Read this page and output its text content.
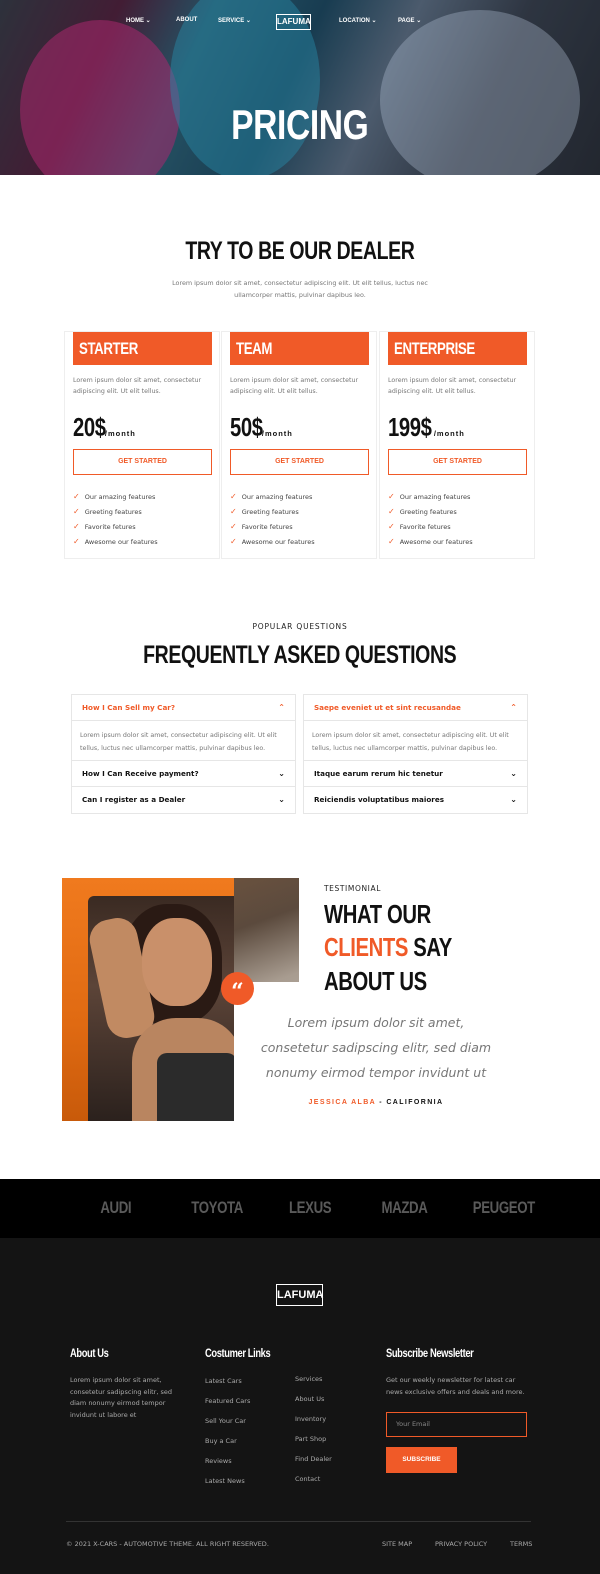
HOME ⌄	ABOUT	SERVICE ⌄	LAFUMA	LOCATION ⌄	PAGE ⌄
PRICING
TRY TO BE OUR DEALER
Lorem ipsum dolor sit amet, consectetur adipiscing elit. Ut elit tellus, luctus nec ullamcorper mattis, pulvinar dapibus leo.
STARTER
Lorem ipsum dolor sit amet, consectetur adipiscing elit. Ut elit tellus.
20$/month
GET STARTED
✓ Our amazing features
✓ Greeting features
✓ Favorite fetures
✓ Awesome our features
TEAM
Lorem ipsum dolor sit amet, consectetur adipiscing elit. Ut elit tellus.
50$/month
GET STARTED
✓ Our amazing features
✓ Greeting features
✓ Favorite fetures
✓ Awesome our features
ENTERPRISE
Lorem ipsum dolor sit amet, consectetur adipiscing elit. Ut elit tellus.
199$ /month
GET STARTED
✓ Our amazing features
✓ Greeting features
✓ Favorite fetures
✓ Awesome our features
POPULAR QUESTIONS
FREQUENTLY ASKED QUESTIONS
How I Can Sell my Car?	⌃
Lorem ipsum dolor sit amet, consectetur adipiscing elit. Ut elit tellus, luctus nec ullamcorper mattis, pulvinar dapibus leo.
How I Can Receive payment?	⌄
Can I register as a Dealer	⌄
Saepe eveniet ut et sint recusandae	⌃
Lorem ipsum dolor sit amet, consectetur adipiscing elit. Ut elit tellus, luctus nec ullamcorper mattis, pulvinar dapibus leo.
Itaque earum rerum hic tenetur	⌄
Reiciendis voluptatibus maiores	⌄
“
TESTIMONIAL
WHAT OUR CLIENTS SAY
ABOUT US
Lorem ipsum dolor sit amet, consetetur sadipscing elitr, sed diam nonumy eirmod tempor invidunt ut
JESSICA ALBA - CALIFORNIA
AUDI	TOYOTA	LEXUS	MAZDA	PEUGEOT
LAFUMA
About Us
Lorem ipsum dolor sit amet, consetetur sadipscing elitr, sed diam nonumy eirmod tempor invidunt ut labore et
Costumer Links
Latest Cars
Featured Cars
Sell Your Car
Buy a Car
Reviews
Latest News
Services
About Us
Inventory
Part Shop
Find Dealer
Contact
Subscribe Newsletter
Get our weekly newsletter for latest car news exclusive offers and deals and more.
Your Email
SUBSCRIBE
© 2021 X-CARS - AUTOMOTIVE THEME. ALL RIGHT RESERVED.	SITE MAP	PRIVACY POLICY	TERMS
